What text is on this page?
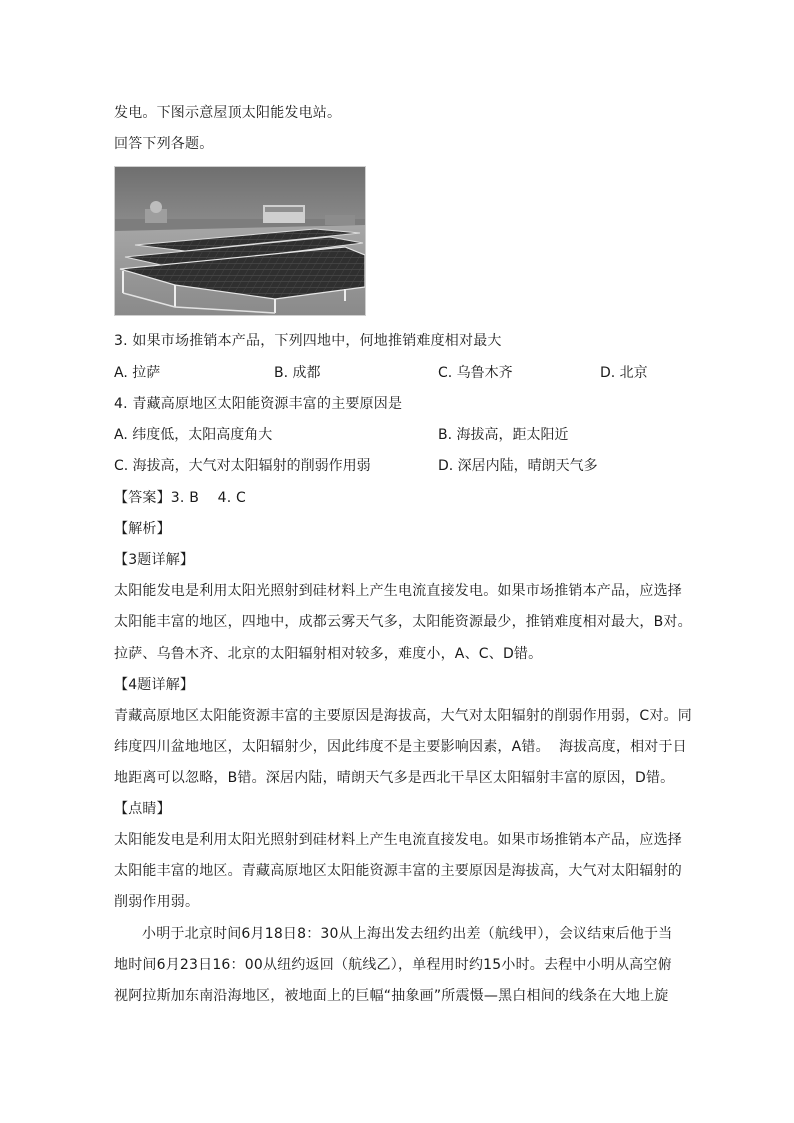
发电。下图示意屋顶太阳能发电站。
回答下列各题。
3. 如果市场推销本产品，下列四地中，何地推销难度相对最大
A. 拉萨	B. 成都	C. 乌鲁木齐	D. 北京
4. 青藏高原地区太阳能资源丰富的主要原因是
A. 纬度低，太阳高度角大	B. 海拔高，距太阳近
C. 海拔高，大气对太阳辐射的削弱作用弱	D. 深居内陆，晴朗天气多
【答案】3. B    4. C
【解析】
【3题详解】
太阳能发电是利用太阳光照射到硅材料上产生电流直接发电。如果市场推销本产品，应选择
太阳能丰富的地区，四地中，成都云雾天气多，太阳能资源最少，推销难度相对最大，B对。
拉萨、乌鲁木齐、北京的太阳辐射相对较多，难度小，A、C、D错。
【4题详解】
青藏高原地区太阳能资源丰富的主要原因是海拔高，大气对太阳辐射的削弱作用弱，C对。同
纬度四川盆地地区，太阳辐射少，因此纬度不是主要影响因素，A错。  海拔高度，相对于日
地距离可以忽略，B错。深居内陆，晴朗天气多是西北干旱区太阳辐射丰富的原因，D错。
【点睛】
太阳能发电是利用太阳光照射到硅材料上产生电流直接发电。如果市场推销本产品，应选择
太阳能丰富的地区。青藏高原地区太阳能资源丰富的主要原因是海拔高，大气对太阳辐射的
削弱作用弱。
小明于北京时间6月18日8：30从上海出发去纽约出差（航线甲），会议结束后他于当
地时间6月23日16：00从纽约返回（航线乙），单程用时约15小时。去程中小明从高空俯
视阿拉斯加东南沿海地区，被地面上的巨幅“抽象画”所震慑—黑白相间的线条在大地上旋
